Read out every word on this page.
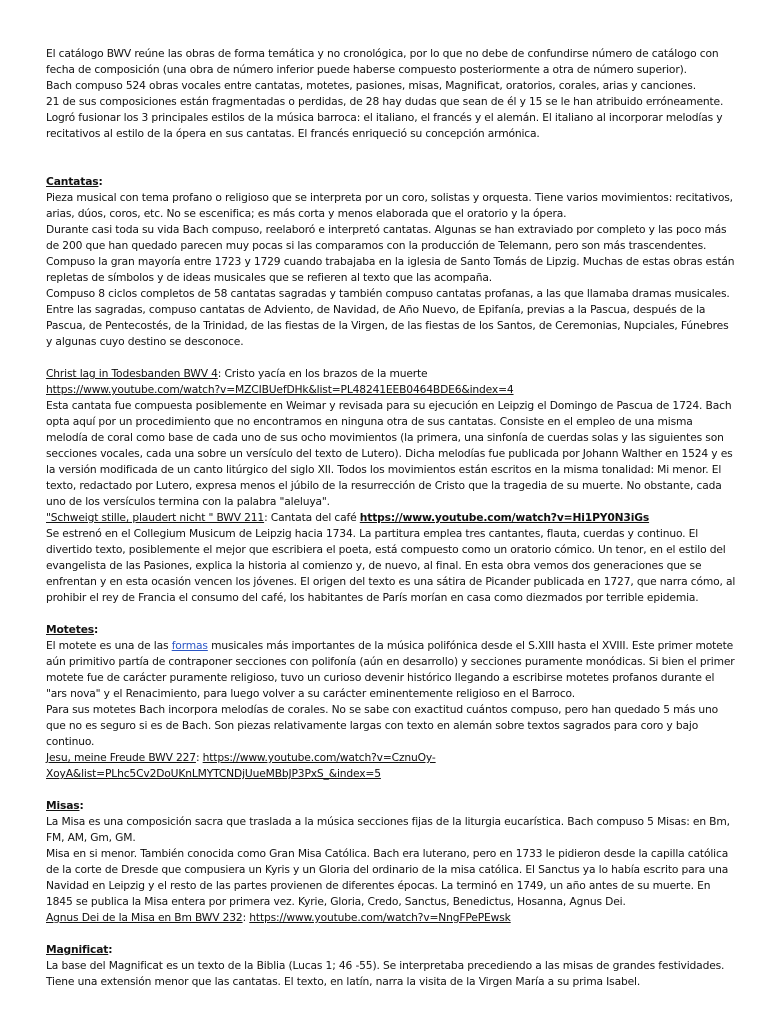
El catálogo BWV reúne las obras de forma temática y no cronológica, por lo que no debe de confundirse número de catálogo con fecha de composición (una obra de número inferior puede haberse compuesto posteriormente a otra de número superior).

Bach compuso 524 obras vocales entre cantatas, motetes, pasiones, misas, Magnificat, oratorios, corales, arias y canciones.

21 de sus composiciones están fragmentadas o perdidas, de 28 hay dudas que sean de él y 15 se le han atribuido erróneamente.

Logró fusionar los 3 principales estilos de la música barroca: el italiano, el francés y el alemán. El italiano al incorporar melodías y recitativos al estilo de la ópera en sus cantatas. El francés enriqueció su concepción armónica.

Cantatas:

Pieza musical con tema profano o religioso que se interpreta por un coro, solistas y orquesta. Tiene varios movimientos: recitativos, arias, dúos, coros, etc. No se escenifica; es más corta y menos elaborada que el oratorio y la ópera.

Durante casi toda su vida Bach compuso, reelaboró e interpretó cantatas. Algunas se han extraviado por completo y las poco más de 200 que han quedado parecen muy pocas si las comparamos con la producción de Telemann, pero son más trascendentes. Compuso la gran mayoría entre 1723 y 1729 cuando trabajaba en la iglesia de Santo Tomás de Lipzig. Muchas de estas obras están repletas de símbolos y de ideas musicales que se refieren al texto que las acompaña.

Compuso 8 ciclos completos de 58 cantatas sagradas y también compuso cantatas profanas, a las que llamaba dramas musicales. Entre las sagradas, compuso cantatas de Adviento, de Navidad, de Año Nuevo, de Epifanía, previas a la Pascua, después de la Pascua, de Pentecostés, de la Trinidad, de las fiestas de la Virgen, de las fiestas de los Santos, de Ceremonias, Nupciales, Fúnebres y algunas cuyo destino se desconoce.

Christ lag in Todesbanden BWV 4: Cristo yacía en los brazos de la muerte

https://www.youtube.com/watch?v=MZCIBUefDHk&list=PL48241EEB0464BDE6&index=4

Esta cantata fue compuesta posiblemente en Weimar y revisada para su ejecución en Leipzig el Domingo de Pascua de 1724. Bach opta aquí por un procedimiento que no encontramos en ninguna otra de sus cantatas. Consiste en el empleo de una misma melodía de coral como base de cada uno de sus ocho movimientos (la primera, una sinfonía de cuerdas solas y las siguientes son secciones vocales, cada una sobre un versículo del texto de Lutero). Dicha melodías fue publicada por Johann Walther en 1524 y es la versión modificada de un canto litúrgico del siglo XII. Todos los movimientos están escritos en la misma tonalidad: Mi menor. El texto, redactado por Lutero, expresa menos el júbilo de la resurrección de Cristo que la tragedia de su muerte. No obstante, cada uno de los versículos termina con la palabra "aleluya".

"Schweigt stille, plaudert nicht " BWV 211: Cantata del café https://www.youtube.com/watch?v=Hi1PY0N3iGs

Se estrenó en el Collegium Musicum de Leipzig hacia 1734. La partitura emplea tres cantantes, flauta, cuerdas y continuo. El divertido texto, posiblemente el mejor que escribiera el poeta, está compuesto como un oratorio cómico. Un tenor, en el estilo del evangelista de las Pasiones, explica la historia al comienzo y, de nuevo, al final. En esta obra vemos dos generaciones que se enfrentan y en esta ocasión vencen los jóvenes. El origen del texto es una sátira de Picander publicada en 1727, que narra cómo, al prohibir el rey de Francia el consumo del café, los habitantes de París morían en casa como diezmados por terrible epidemia.

Motetes:

El motete es una de las formas musicales más importantes de la música polifónica desde el S.XIII hasta el XVIII. Este primer motete aún primitivo partía de contraponer secciones con polifonía (aún en desarrollo) y secciones puramente monódicas. Si bien el primer motete fue de carácter puramente religioso, tuvo un curioso devenir histórico llegando a escribirse motetes profanos durante el "ars nova" y el Renacimiento, para luego volver a su carácter eminentemente religioso en el Barroco.

Para sus motetes Bach incorpora melodías de corales. No se sabe con exactitud cuántos compuso, pero han quedado 5 más uno que no es seguro si es de Bach. Son piezas relativamente largas con texto en alemán sobre textos sagrados para coro y bajo continuo.

Jesu, meine Freude BWV 227: https://www.youtube.com/watch?v=CznuOy-XoyA&list=PLhc5Cv2DoUKnLMYTCNDjUueMBbJP3PxS_&index=5

Misas:

La Misa es una composición sacra que traslada a la música secciones fijas de la liturgia eucarística. Bach compuso 5 Misas: en Bm, FM, AM, Gm, GM.

Misa en si menor. También conocida como Gran Misa Católica. Bach era luterano, pero en 1733 le pidieron desde la capilla católica de la corte de Dresde que compusiera un Kyris y un Gloria del ordinario de la misa católica. El Sanctus ya lo había escrito para una Navidad en Leipzig y el resto de las partes provienen de diferentes épocas. La terminó en 1749, un año antes de su muerte. En 1845 se publica la Misa entera por primera vez. Kyrie, Gloria, Credo, Sanctus, Benedictus, Hosanna, Agnus Dei.

Agnus Dei de la Misa en Bm BWV 232: https://www.youtube.com/watch?v=NngFPePEwsk

Magnificat:

La base del Magnificat es un texto de la Biblia (Lucas 1; 46 -55). Se interpretaba precediendo a las misas de grandes festividades. Tiene una extensión menor que las cantatas. El texto, en latín, narra la visita de la Virgen María a su prima Isabel.
